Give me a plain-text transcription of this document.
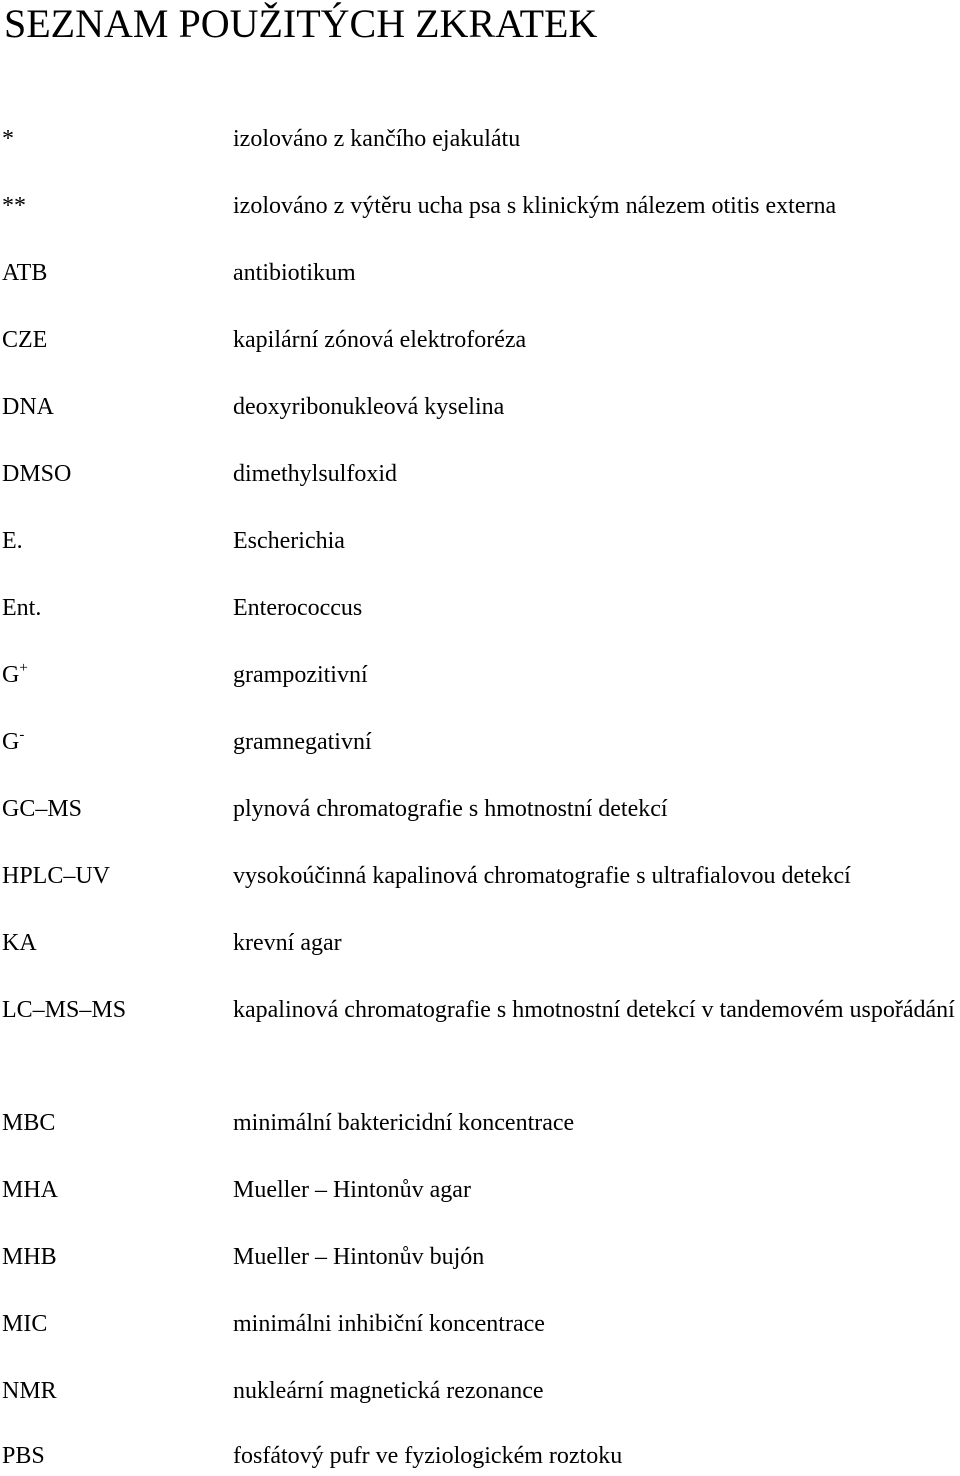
SEZNAM POUŽITÝCH ZKRATEK
*	izolováno z kančího ejakulátu
**	izolováno z výtěru ucha psa s klinickým nálezem otitis externa
ATB	antibiotikum
CZE	kapilární zónová elektroforéza
DNA	deoxyribonukleová kyselina
DMSO	dimethylsulfoxid
E.	Escherichia
Ent.	Enterococcus
G+	grampozitivní
G-	gramnegativní
GC–MS	plynová chromatografie s hmotnostní detekcí
HPLC–UV	vysokoúčinná kapalinová chromatografie s ultrafialovou detekcí
KA	krevní agar
LC–MS–MS	kapalinová chromatografie s hmotnostní detekcí v tandemovém uspořádání
MBC	minimální baktericidní koncentrace
MHA	Mueller – Hintonův agar
MHB	Mueller – Hintonův bujón
MIC	minimálni inhibiční koncentrace
NMR	nukleární magnetická rezonance
PBS	fosfátový pufr ve fyziologickém roztoku
